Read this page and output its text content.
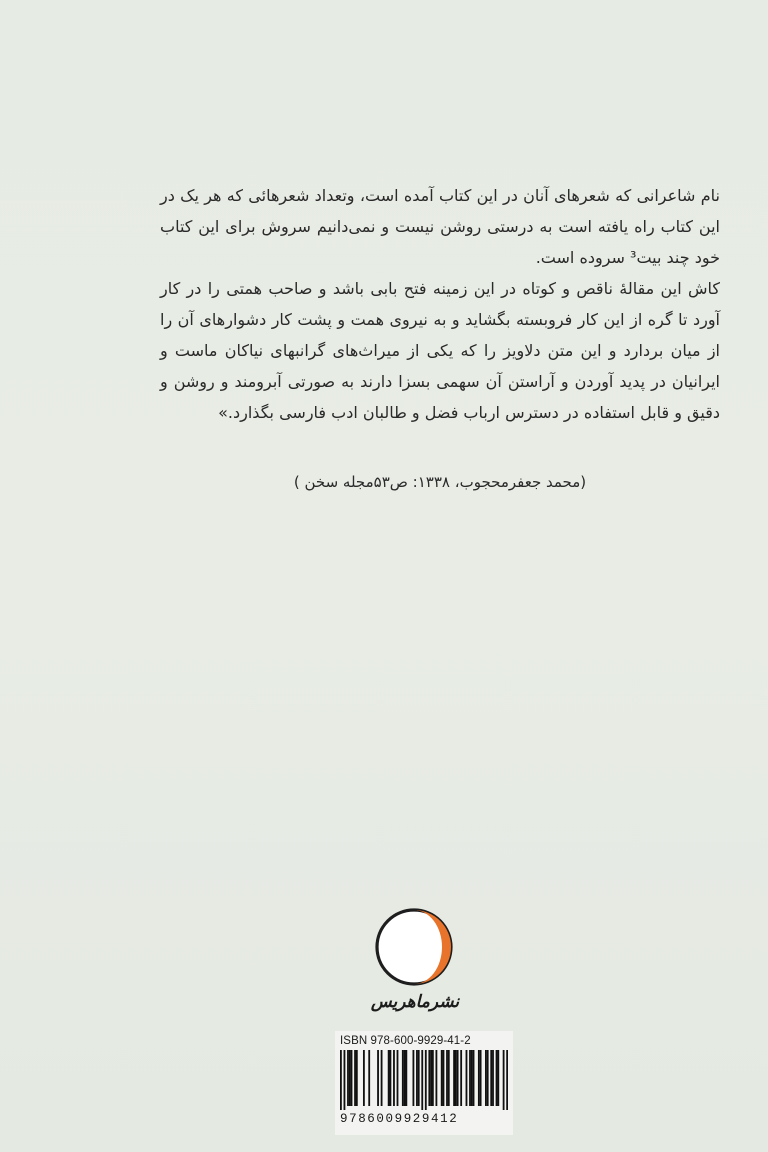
نام شاعرانی که شعرهای آنان در این کتاب آمده است، وتعداد شعرهائی که هر یک در این کتاب راه یافته است به درستی روشن نیست و نمی‌دانیم سروش برای این کتاب خود چند بیت³ سروده است.

کاش این مقالهٔ ناقص و کوتاه در این زمینه فتح بابی باشد و صاحب همتی را در کار آورد تا گره از این کار فروبسته بگشاید و به نیروی همت و پشت کار دشوارهای آن را از میان بردارد و این متن دلاویز را که یکی از میراث‌های گرانبهای نیاکان ماست و ایرانیان در پدید آوردن و آراستن آن سهمی بسزا دارند به صورتی آبرومند و روشن و دقیق و قابل استفاده در دسترس ارباب فضل و طالبان ادب فارسی بگذارد.»

(محمد جعفرمحجوب، ۱۳۳۸: ص۵۳مجله سخن )
نشرماهریس
ISBN 978-600-9929-41-2
9786009929412
